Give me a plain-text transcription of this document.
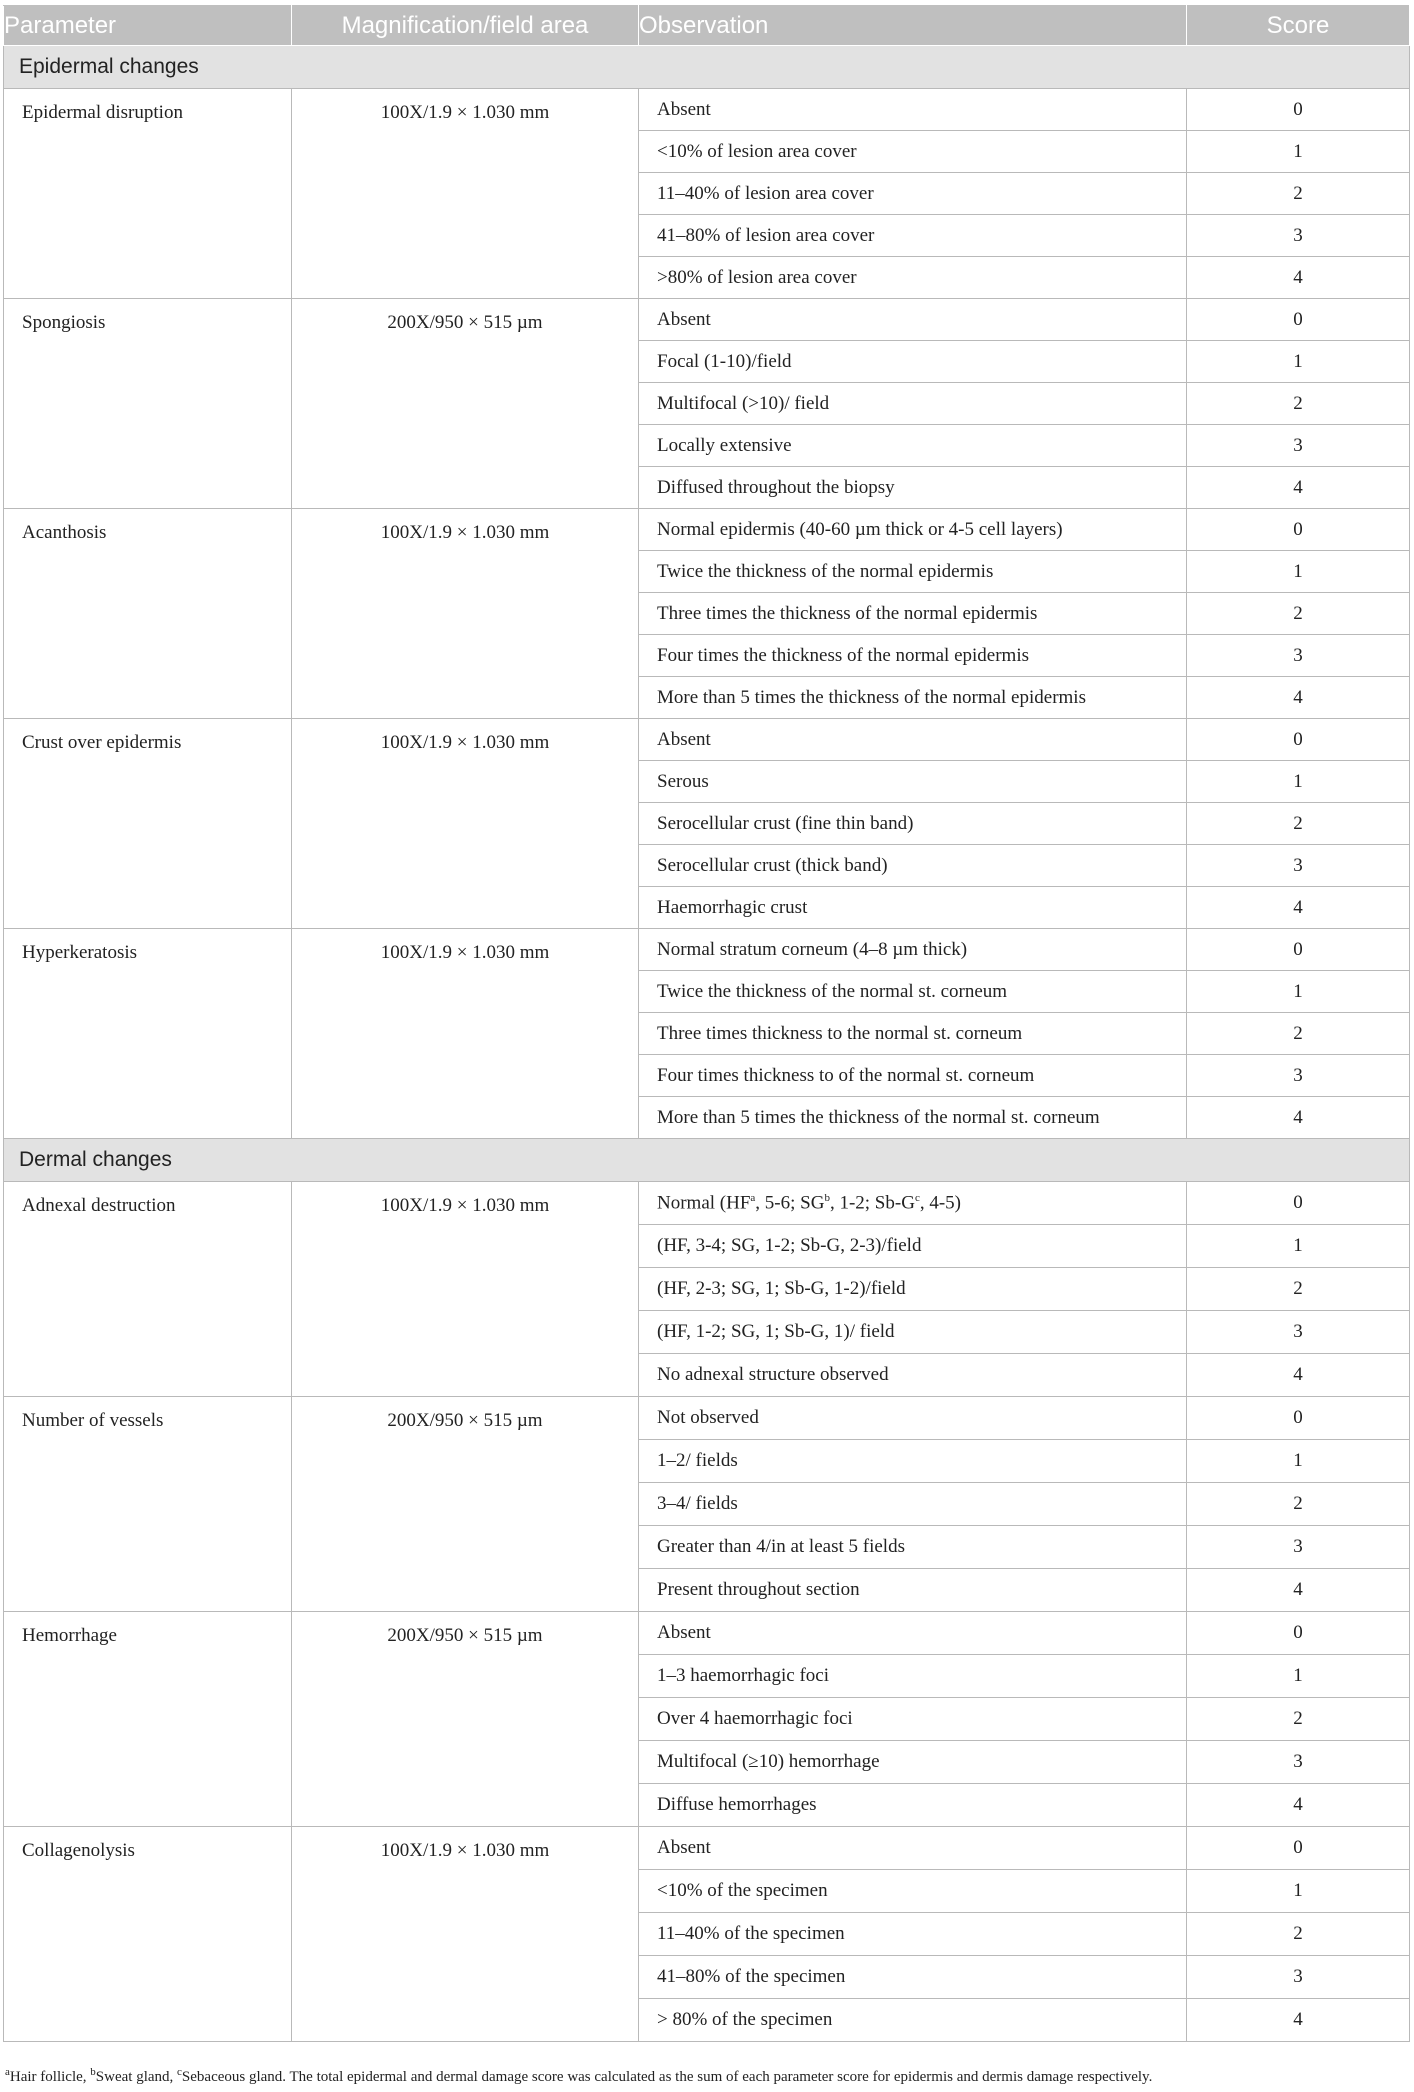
Parameter	Magnification/field area	Observation	Score
Epidermal changes			
Epidermal disruption	100X/1.9 × 1.030 mm	Absent	0
		<10% of lesion area cover	1
		11–40% of lesion area cover	2
		41–80% of lesion area cover	3
		>80% of lesion area cover	4
Spongiosis	200X/950 × 515 µm	Absent	0
		Focal (1-10)/field	1
		Multifocal (>10)/ field	2
		Locally extensive	3
		Diffused throughout the biopsy	4
Acanthosis	100X/1.9 × 1.030 mm	Normal epidermis (40-60 µm thick or 4-5 cell layers)	0
		Twice the thickness of the normal epidermis	1
		Three times the thickness of the normal epidermis	2
		Four times the thickness of the normal epidermis	3
		More than 5 times the thickness of the normal epidermis	4
Crust over epidermis	100X/1.9 × 1.030 mm	Absent	0
		Serous	1
		Serocellular crust (fine thin band)	2
		Serocellular crust (thick band)	3
		Haemorrhagic crust	4
Hyperkeratosis	100X/1.9 × 1.030 mm	Normal stratum corneum (4–8 µm thick)	0
		Twice the thickness of the normal st. corneum	1
		Three times thickness to the normal st. corneum	2
		Four times thickness to of the normal st. corneum	3
		More than 5 times the thickness of the normal st. corneum	4
Dermal changes			
Adnexal destruction	100X/1.9 × 1.030 mm	Normal ($HF^a$, 5-6; $SG^b$, 1-2; $Sb-G^c$, 4-5)	0
		(HF, 3-4; SG, 1-2; Sb-G, 2-3)/field	1
		(HF, 2-3; SG, 1; Sb-G, 1-2)/field	2
		(HF, 1-2; SG, 1; Sb-G, 1)/ field	3
		No adnexal structure observed	4
Number of vessels	200X/950 × 515 µm	Not observed	0
		1–2/ fields	1
		3–4/ fields	2
		Greater than 4/in at least 5 fields	3
		Present throughout section	4
Hemorrhage	200X/950 × 515 µm	Absent	0
		1–3 haemorrhagic foci	1
		Over 4 haemorrhagic foci	2
		Multifocal (≥10) hemorrhage	3
		Diffuse hemorrhages	4
Collagenolysis	100X/1.9 × 1.030 mm	Absent	0
		<10% of the specimen	1
		11–40% of the specimen	2
		41–80% of the specimen	3
		> 80% of the specimen	4
$^a$Hair follicle, $^b$Sweat gland, $^c$Sebaceous gland. The total epidermal and dermal damage score was calculated as the sum of each parameter score for epidermis and dermis damage respectively.
